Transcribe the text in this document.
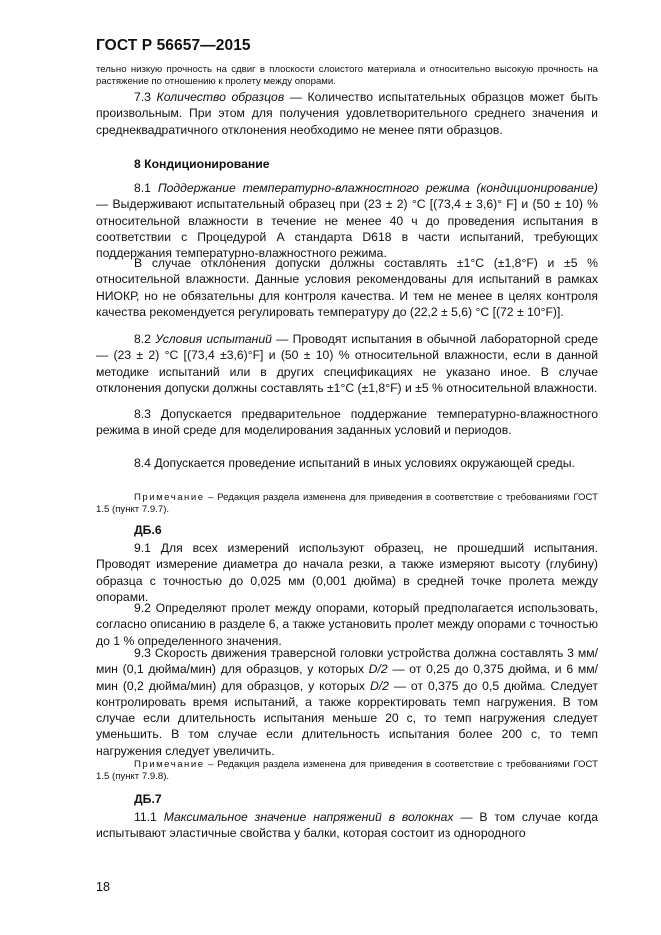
ГОСТ Р 56657—2015

тельно низкую прочность на сдвиг в плоскости слоистого материала и относительно высокую прочность на растяжение по отношению к пролету между опорами.

7.3 Количество образцов — Количество испытательных образцов может быть произвольным. При этом для получения удовлетворительного среднего значения и среднеквадратичного отклонения необходимо не менее пяти образцов.

8 Кондиционирование

8.1 Поддержание температурно-влажностного режима (кондиционирование) — Выдерживают испытательный образец при (23 ± 2) °С [(73,4 ± 3,6)° F] и (50 ± 10) % относительной влажности в течение не менее 40 ч до проведения испытания в соответствии с Процедурой А стандарта D618 в части испытаний, требующих поддержания температурно-влажностного режима.

В случае отклонения допуски должны составлять ±1°С (±1,8°F) и ±5 % относительной влажности. Данные условия рекомендованы для испытаний в рамках НИОКР, но не обязательны для контроля качества. И тем не менее в целях контроля качества рекомендуется регулировать температуру до (22,2 ± 5,6) °С [(72 ± 10°F)].

8.2 Условия испытаний — Проводят испытания в обычной лабораторной среде — (23 ± 2) °С [(73,4 ±3,6)°F] и (50 ± 10) % относительной влажности, если в данной методике испытаний или в других спецификациях не указано иное. В случае отклонения допуски должны составлять ±1°С (±1,8°F) и ±5 % относительной влажности.

8.3 Допускается предварительное поддержание температурно-влажностного режима в иной среде для моделирования заданных условий и периодов.

8.4 Допускается проведение испытаний в иных условиях окружающей среды.

Примечание – Редакция раздела изменена для приведения в соответствие с требованиями ГОСТ 1.5 (пункт 7.9.7).

ДБ.6

9.1 Для всех измерений используют образец, не прошедший испытания. Проводят измерение диаметра до начала резки, а также измеряют высоту (глубину) образца с точностью до 0,025 мм (0,001 дюйма) в средней точке пролета между опорами.

9.2 Определяют пролет между опорами, который предполагается использовать, согласно описанию в разделе 6, а также установить пролет между опорами с точностью до 1 % определенного значения.

9.3 Скорость движения траверсной головки устройства должна составлять 3 мм/мин (0,1 дюйма/мин) для образцов, у которых D/2 — от 0,25 до 0,375 дюйма, и 6 мм/мин (0,2 дюйма/мин) для образцов, у которых D/2 — от 0,375 до 0,5 дюйма. Следует контролировать время испытаний, а также корректировать темп нагружения. В том случае если длительность испытания меньше 20 с, то темп нагружения следует уменьшить. В том случае если длительность испытания более 200 с, то темп нагружения следует увеличить.

Примечание – Редакция раздела изменена для приведения в соответствие с требованиями ГОСТ 1.5 (пункт 7.9.8).

ДБ.7

11.1 Максимальное значение напряжений в волокнах — В том случае когда испытывают эластичные свойства у балки, которая состоит из однородного

18
